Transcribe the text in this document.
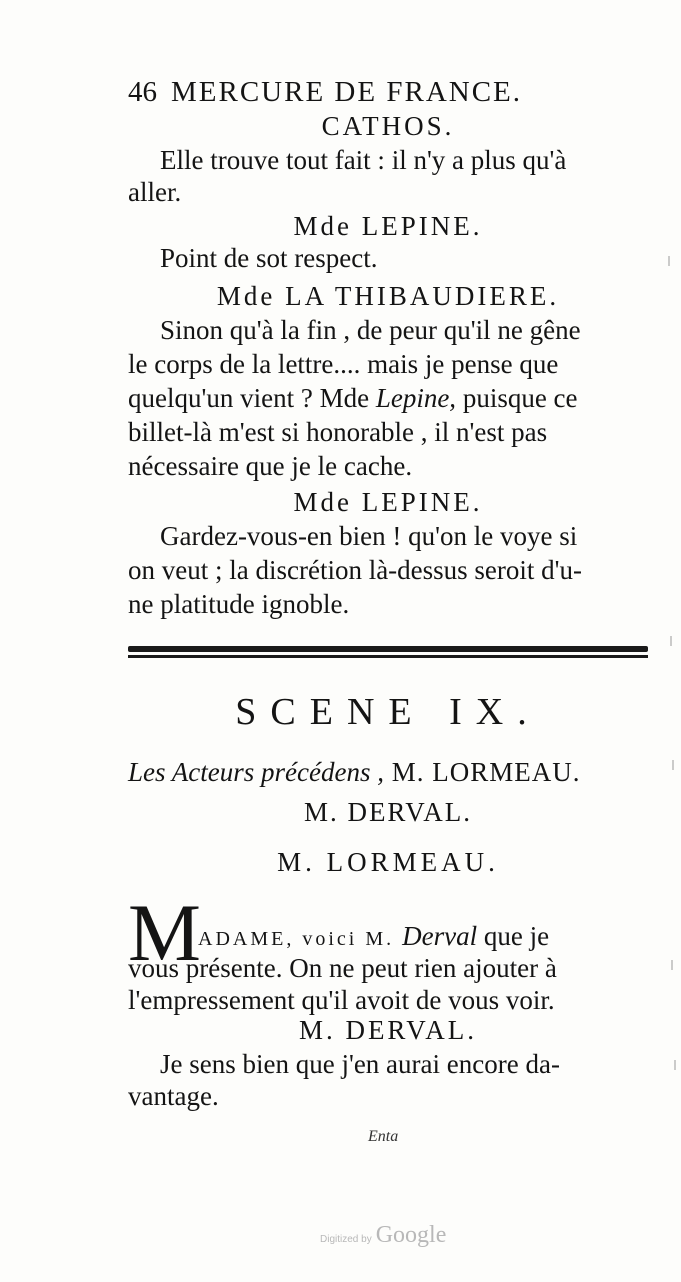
46 MERCURE DE FRANCE.
CATHOS.
Elle trouve tout fait : il n'y a plus qu'à
aller.
Mde LEPINE.
Point de sot respect.
Mde LA THIBAUDIERE.
Sinon qu'à la fin , de peur qu'il ne gêne
le corps de la lettre.... mais je pense que
quelqu'un vient ? Mde Lepine, puisque ce
billet-là m'est si honorable , il n'est pas
nécessaire que je le cache.
Mde LEPINE.
Gardez-vous-en bien ! qu'on le voye si
on veut ; la discrétion là-dessus seroit d'u-
ne platitude ignoble.
SCENE IX.
Les Acteurs précédens , M. LORMEAU.
M. DERVAL.
M. LORMEAU.
M
ADAME, voici M. Derval que je
vous présente. On ne peut rien ajouter à
l'empressement qu'il avoit de vous voir.
M. DERVAL.
Je sens bien que j'en aurai encore da-
vantage.
Enta
Digitized by Google
